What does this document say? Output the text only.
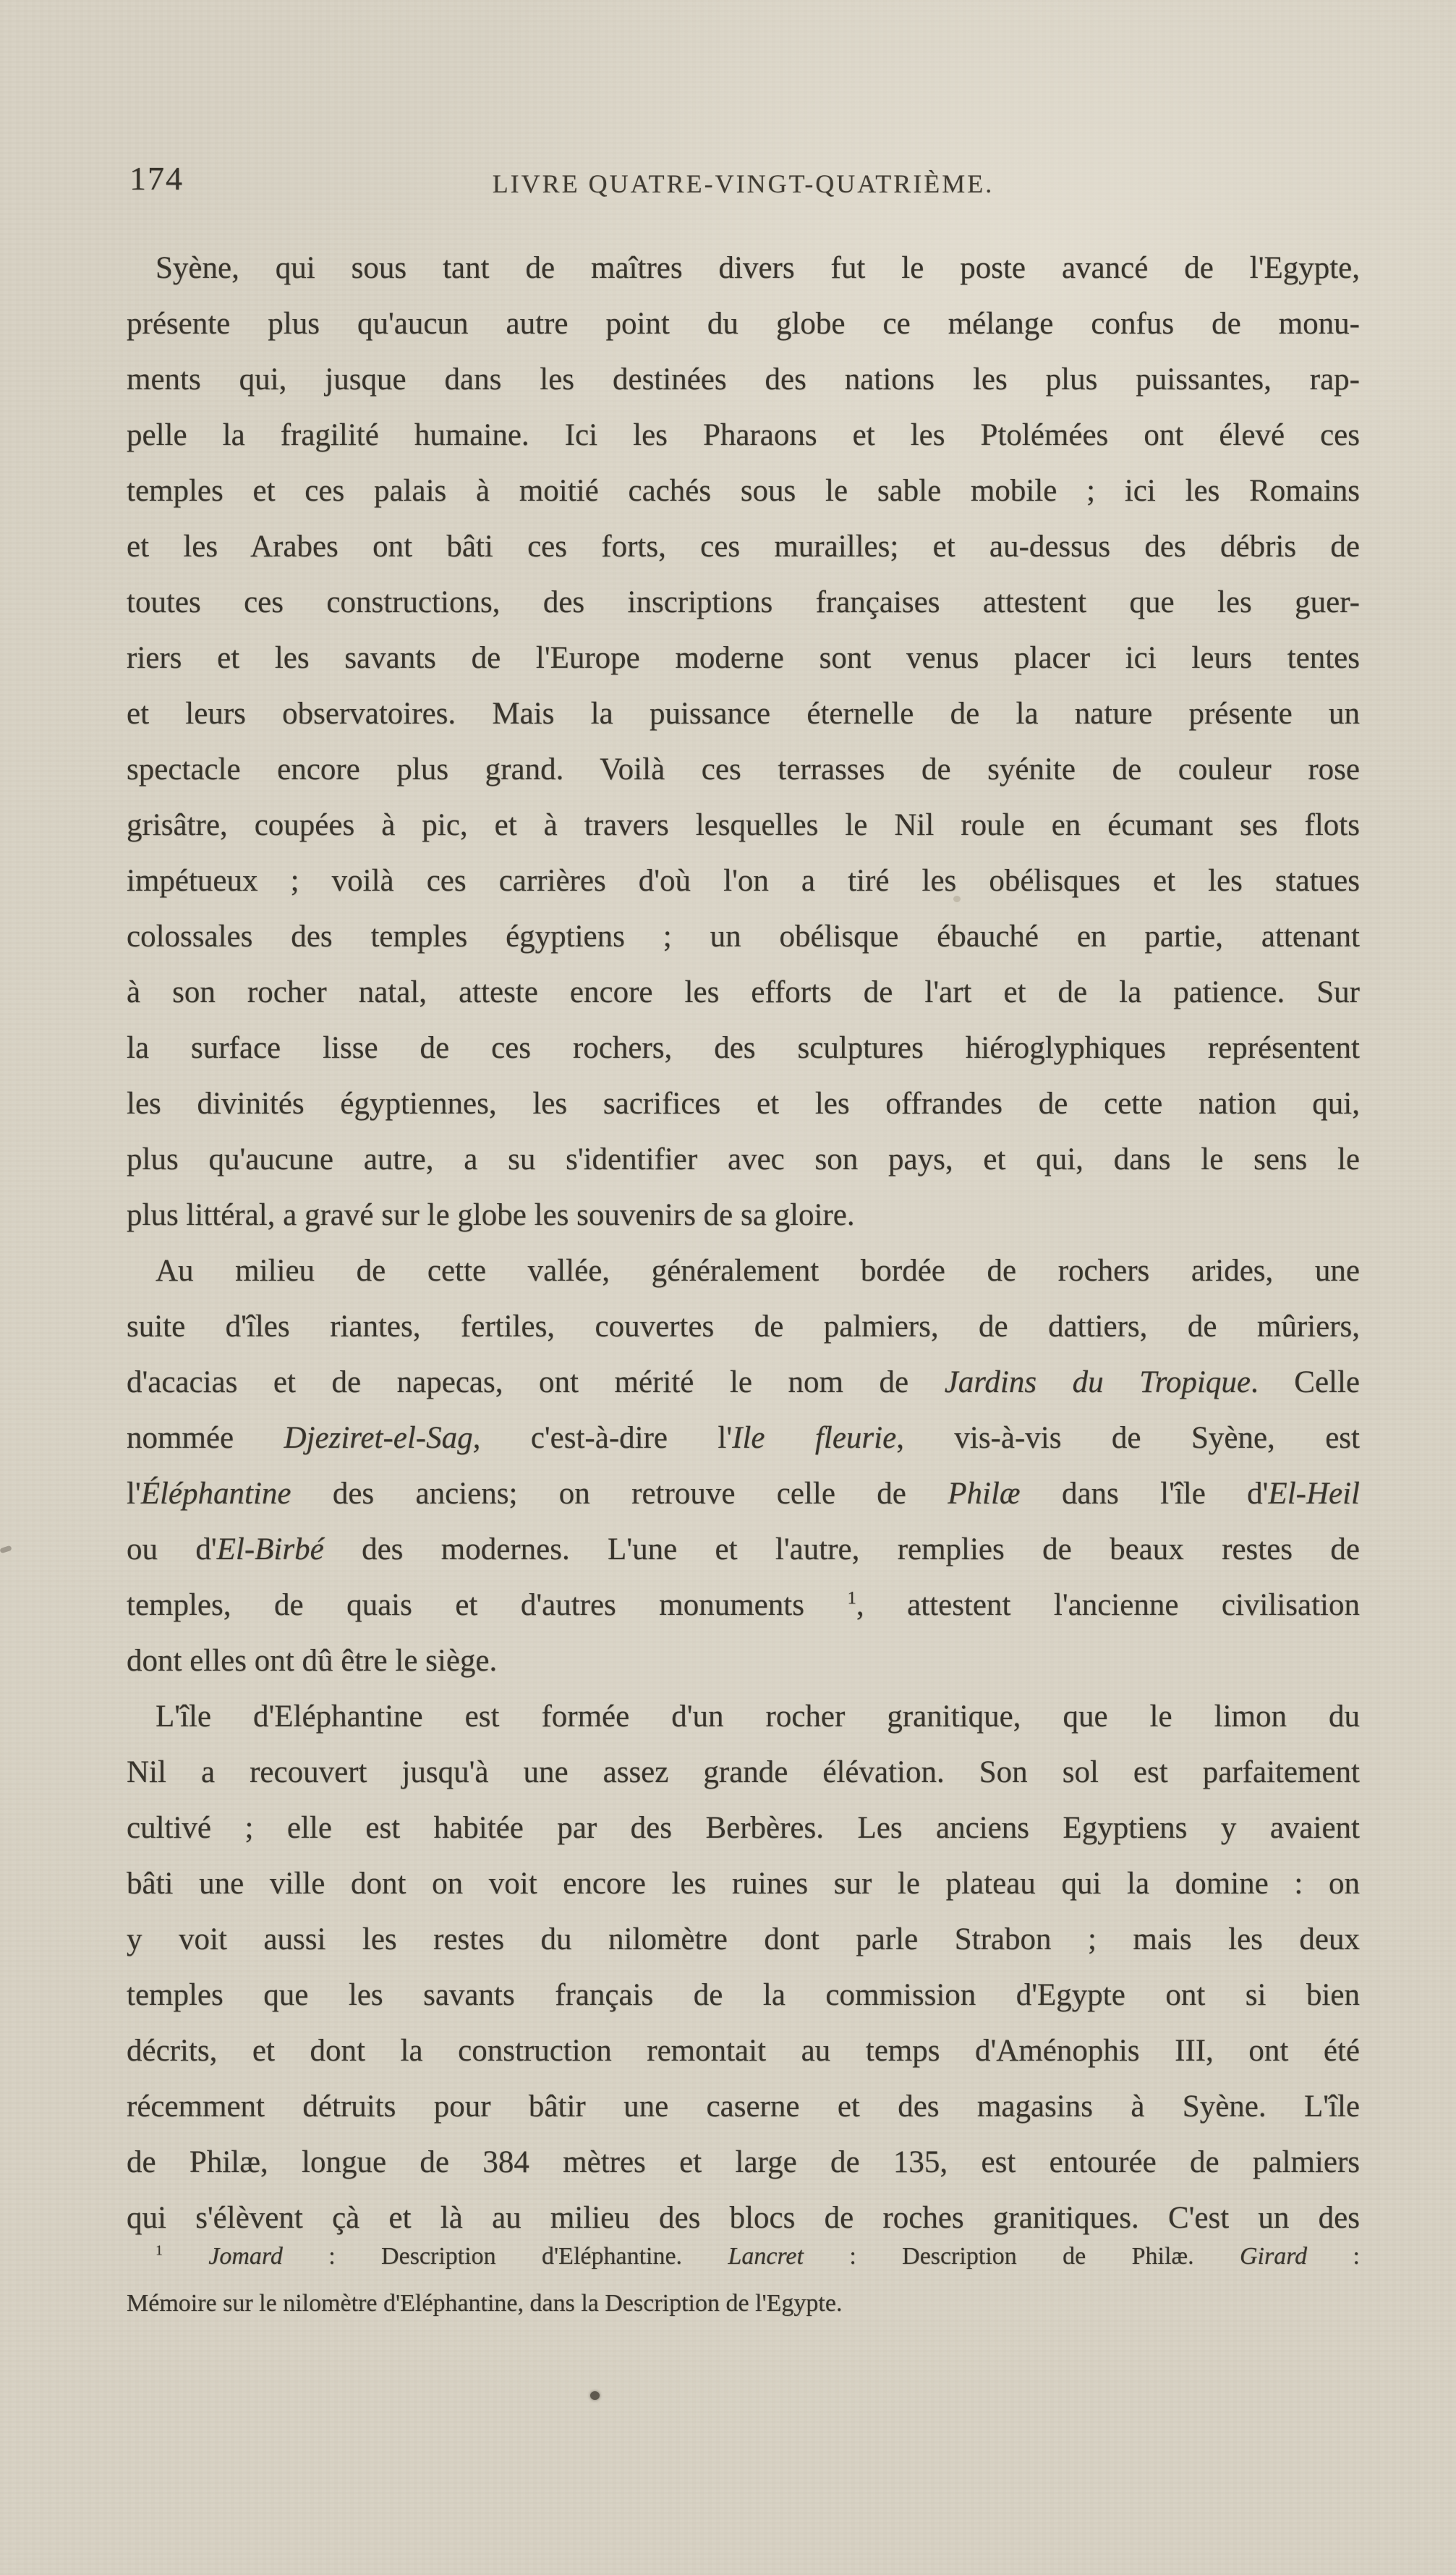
174	LIVRE QUATRE-VINGT-QUATRIÈME.
Syène, qui sous tant de maîtres divers fut le poste avancé de l'Egypte,
présente plus qu'aucun autre point du globe ce mélange confus de monu-
ments qui, jusque dans les destinées des nations les plus puissantes, rap-
pelle la fragilité humaine. Ici les Pharaons et les Ptolémées ont élevé ces
temples et ces palais à moitié cachés sous le sable mobile ; ici les Romains
et les Arabes ont bâti ces forts, ces murailles; et au-dessus des débris de
toutes ces constructions, des inscriptions françaises attestent que les guer-
riers et les savants de l'Europe moderne sont venus placer ici leurs tentes
et leurs observatoires. Mais la puissance éternelle de la nature présente un
spectacle encore plus grand. Voilà ces terrasses de syénite de couleur rose
grisâtre, coupées à pic, et à travers lesquelles le Nil roule en écumant ses flots
impétueux ; voilà ces carrières d'où l'on a tiré les obélisques et les statues
colossales des temples égyptiens ; un obélisque ébauché en partie, attenant
à son rocher natal, atteste encore les efforts de l'art et de la patience. Sur
la surface lisse de ces rochers, des sculptures hiéroglyphiques représentent
les divinités égyptiennes, les sacrifices et les offrandes de cette nation qui,
plus qu'aucune autre, a su s'identifier avec son pays, et qui, dans le sens le
plus littéral, a gravé sur le globe les souvenirs de sa gloire.
Au milieu de cette vallée, généralement bordée de rochers arides, une
suite d'îles riantes, fertiles, couvertes de palmiers, de dattiers, de mûriers,
d'acacias et de napecas, ont mérité le nom de Jardins du Tropique. Celle
nommée Djeziret-el-Sag, c'est-à-dire l'Ile fleurie, vis-à-vis de Syène, est
l'Éléphantine des anciens; on retrouve celle de Philæ dans l'île d'El-Heil
ou d'El-Birbé des modernes. L'une et l'autre, remplies de beaux restes de
temples, de quais et d'autres monuments $^1$, attestent l'ancienne civilisation
dont elles ont dû être le siège.
L'île d'Eléphantine est formée d'un rocher granitique, que le limon du
Nil a recouvert jusqu'à une assez grande élévation. Son sol est parfaitement
cultivé ; elle est habitée par des Berbères. Les anciens Egyptiens y avaient
bâti une ville dont on voit encore les ruines sur le plateau qui la domine : on
y voit aussi les restes du nilomètre dont parle Strabon ; mais les deux
temples que les savants français de la commission d'Egypte ont si bien
décrits, et dont la construction remontait au temps d'Aménophis III, ont été
récemment détruits pour bâtir une caserne et des magasins à Syène. L'île
de Philæ, longue de 384 mètres et large de 135, est entourée de palmiers
qui s'élèvent çà et là au milieu des blocs de roches granitiques. C'est un des
$^1$ Jomard : Description d'Eléphantine. Lancret : Description de Philæ. Girard :
Mémoire sur le nilomètre d'Eléphantine, dans la Description de l'Egypte.
